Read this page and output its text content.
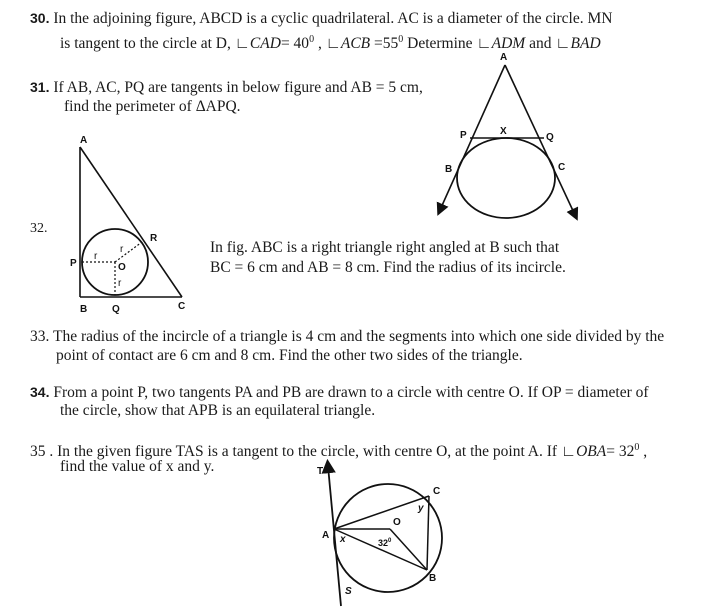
30. In the adjoining figure, ABCD is a cyclic quadrilateral. AC is a diameter of the circle. MN
is tangent to the circle at D, ∟CAD= $40^0$ , ∟ACB $=55^0$ Determine ∟ADM and ∟BAD
31. If AB, AC, PQ are tangents in below figure and AB = 5 cm,
find the perimeter of ΔAPQ.
32.
In fig. ABC is a right triangle right angled at B such that
BC = 6 cm and AB = 8 cm. Find the radius of its incircle.
33. The radius of the incircle of a triangle is 4 cm and the segments into which one side divided by the
point of contact are 6 cm and 8 cm. Find the other two sides of the triangle.
34. From a point P, two tangents PA and PB are drawn to a circle with centre O. If OP = diameter of
the circle, show that APB is an equilateral triangle.
35 . In the given figure TAS is a tangent to the circle, with centre O, at the point A. If ∟OBA= $32^0$ ,
find the value of x and y.
A
P	X
Q
B	C
A
R
P	O
r
r
r
B Q	C
T
C
y
O
A x	$32^0$
B
S
